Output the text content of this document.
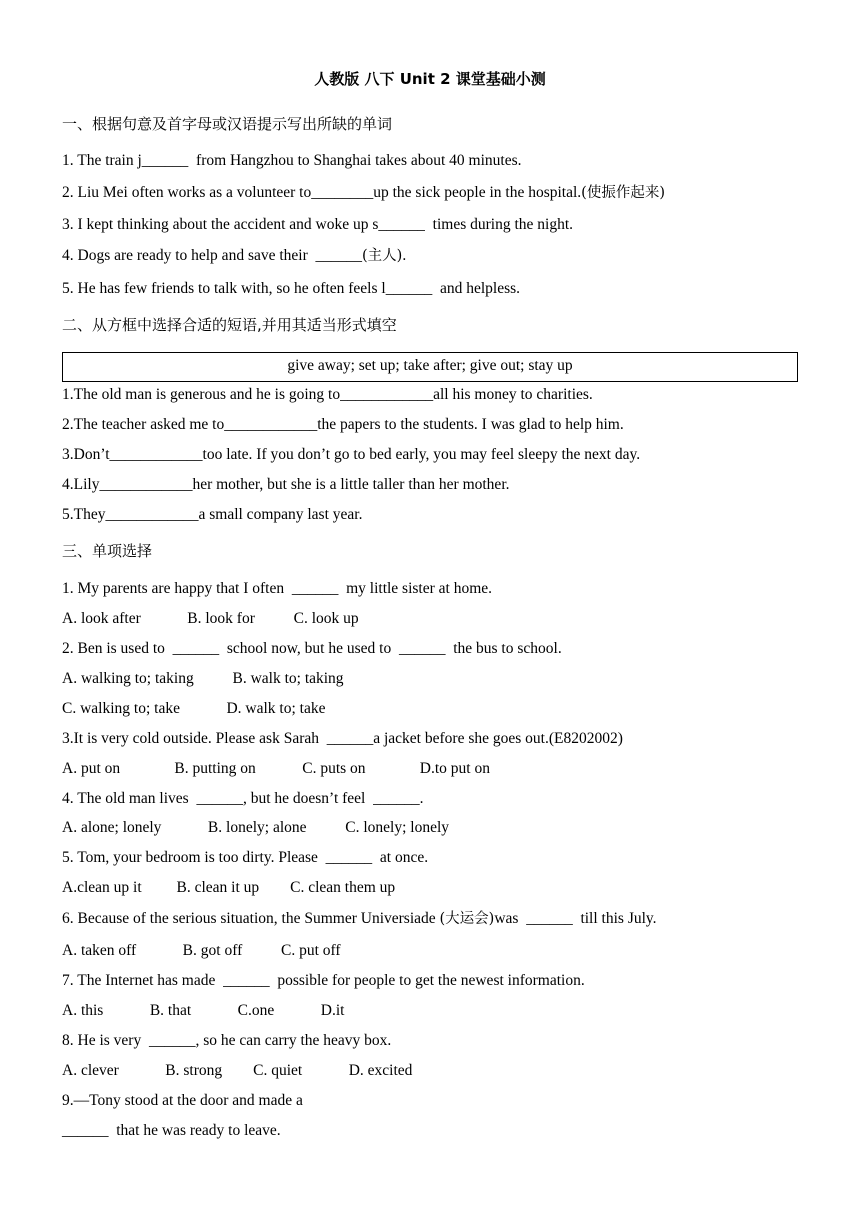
人教版 八下 Unit 2 课堂基础小测
一、根据句意及首字母或汉语提示写出所缺的单词
1. The train j______  from Hangzhou to Shanghai takes about 40 minutes.
2. Liu Mei often works as a volunteer to________up the sick people in the hospital.(使振作起来)
3. I kept thinking about the accident and woke up s______  times during the night.
4. Dogs are ready to help and save their  ______(主人).
5. He has few friends to talk with, so he often feels l______  and helpless.
二、从方框中选择合适的短语,并用其适当形式填空
give away; set up; take after; give out; stay up
1.The old man is generous and he is going to____________all his money to charities.
2.The teacher asked me to____________the papers to the students. I was glad to help him.
3.Don’t____________too late. If you don’t go to bed early, you may feel sleepy the next day.
4.Lily____________her mother, but she is a little taller than her mother.
5.They____________a small company last year.
三、单项选择
1. My parents are happy that I often  ______  my little sister at home.
A. look after            B. look for          C. look up
2. Ben is used to  ______  school now, but he used to  ______  the bus to school.
A. walking to; taking          B. walk to; taking
C. walking to; take            D. walk to; take
3.It is very cold outside. Please ask Sarah  ______a jacket before she goes out.(E8202002)
A. put on              B. putting on            C. puts on              D.to put on
4. The old man lives  ______, but he doesn’t feel  ______.
A. alone; lonely            B. lonely; alone          C. lonely; lonely
5. Tom, your bedroom is too dirty. Please  ______  at once.
A.clean up it         B. clean it up        C. clean them up
6. Because of the serious situation, the Summer Universiade (大运会)was  ______  till this July.
A. taken off            B. got off          C. put off
7. The Internet has made  ______  possible for people to get the newest information.
A. this            B. that            C.one            D.it
8. He is very  ______, so he can carry the heavy box.
A. clever            B. strong        C. quiet            D. excited
9.—Tony stood at the door and made a
______  that he was ready to leave.
